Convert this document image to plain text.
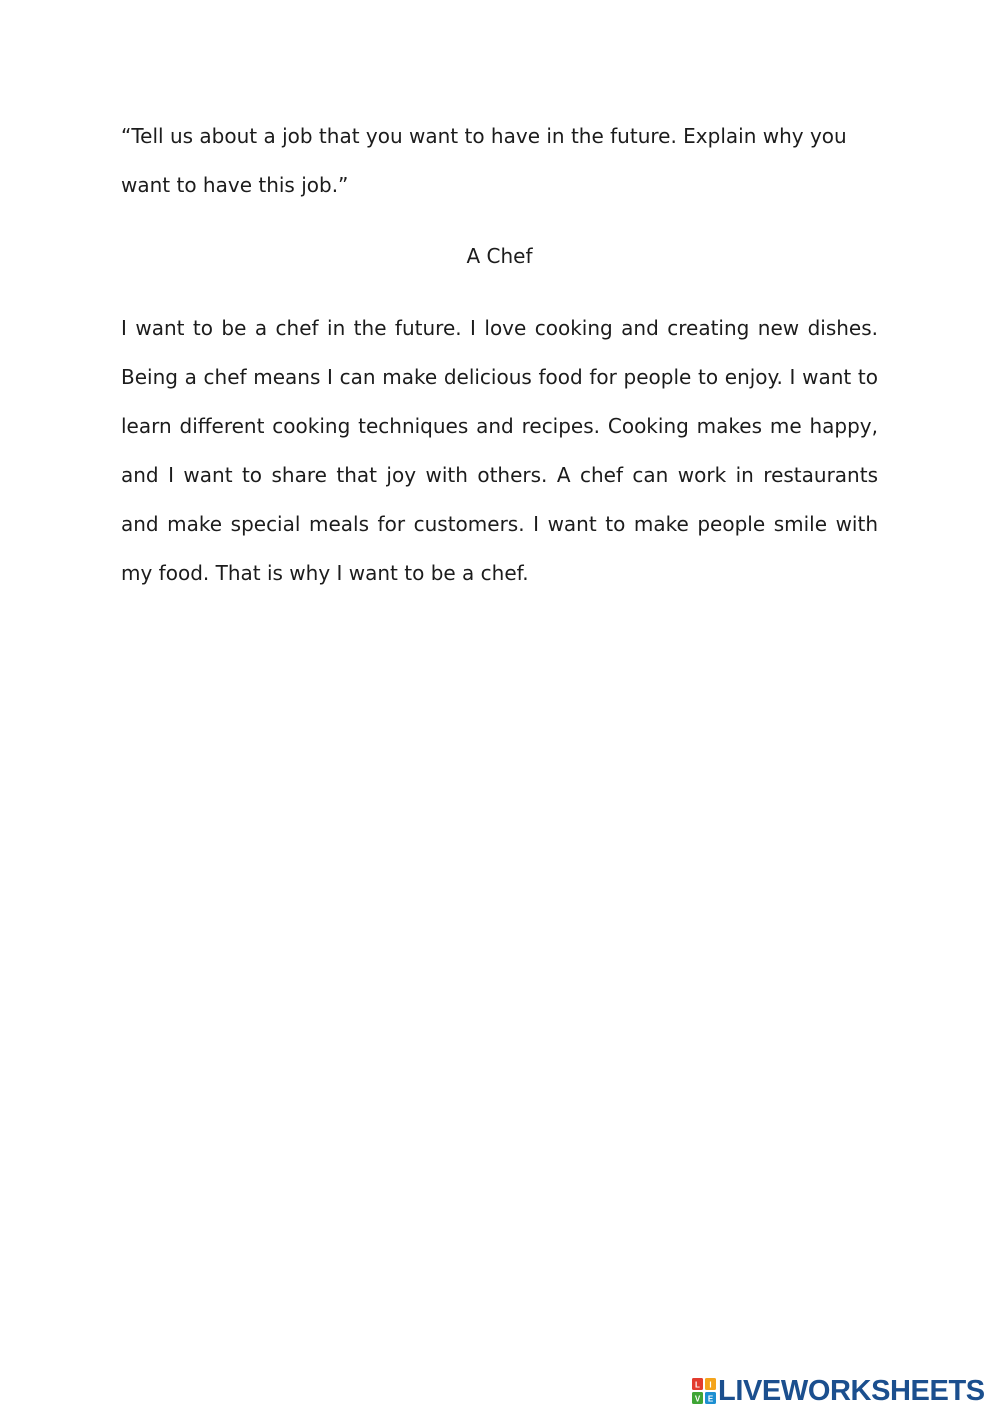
“Tell us about a job that you want to have in the future. Explain why you want to have this job.”

A Chef

I want to be a chef in the future. I love cooking and creating new dishes. Being a chef means I can make delicious food for people to enjoy. I want to learn different cooking techniques and recipes. Cooking makes me happy, and I want to share that joy with others. A chef can work in restaurants and make special meals for customers. I want to make people smile with my food. That is why I want to be a chef.

L I
V E LIVEWORKSHEETS
